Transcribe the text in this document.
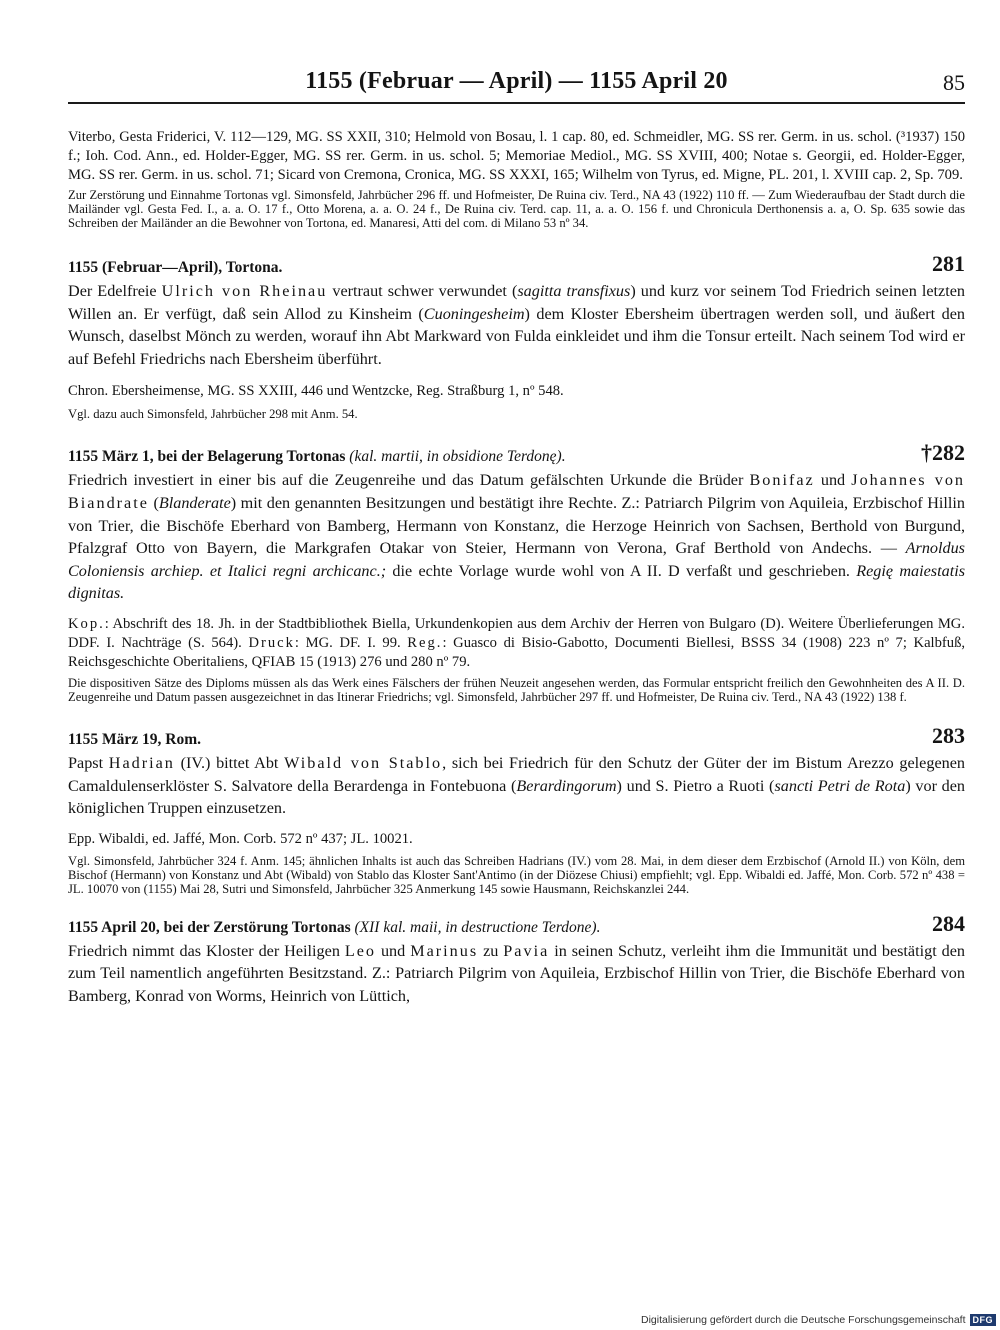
1155 (Februar — April) — 1155 April 20	85

Viterbo, Gesta Friderici, V. 112—129, MG. SS XXII, 310; Helmold von Bosau, l. 1 cap. 80, ed. Schmeidler, MG. SS rer. Germ. in us. schol. (³1937) 150 f.; Ioh. Cod. Ann., ed. Holder-Egger, MG. SS rer. Germ. in us. schol. 5; Memoriae Mediol., MG. SS XVIII, 400; Notae s. Georgii, ed. Holder-Egger, MG. SS rer. Germ. in us. schol. 71; Sicard von Cremona, Cronica, MG. SS XXXI, 165; Wilhelm von Tyrus, ed. Migne, PL. 201, l. XVIII cap. 2, Sp. 709.

Zur Zerstörung und Einnahme Tortonas vgl. Simonsfeld, Jahrbücher 296 ff. und Hofmeister, De Ruina civ. Terd., NA 43 (1922) 110 ff. — Zum Wiederaufbau der Stadt durch die Mailänder vgl. Gesta Fed. I., a. a. O. 17 f., Otto Morena, a. a. O. 24 f., De Ruina civ. Terd. cap. 11, a. a. O. 156 f. und Chronicula Derthonensis a. a, O. Sp. 635 sowie das Schreiben der Mailänder an die Bewohner von Tortona, ed. Manaresi, Atti del com. di Milano 53 nº 34.

1155 (Februar—April), Tortona.	281

Der Edelfreie Ulrich von Rheinau vertraut schwer verwundet (sagitta transfixus) und kurz vor seinem Tod Friedrich seinen letzten Willen an. Er verfügt, daß sein Allod zu Kinsheim (Cuoningesheim) dem Kloster Ebersheim übertragen werden soll, und äußert den Wunsch, daselbst Mönch zu werden, worauf ihn Abt Markward von Fulda einkleidet und ihm die Tonsur erteilt. Nach seinem Tod wird er auf Befehl Friedrichs nach Ebersheim überführt.

Chron. Ebersheimense, MG. SS XXIII, 446 und Wentzcke, Reg. Straßburg 1, nº 548.

Vgl. dazu auch Simonsfeld, Jahrbücher 298 mit Anm. 54.

1155 März 1, bei der Belagerung Tortonas (kal. martii, in obsidione Terdonę).	†282

Friedrich investiert in einer bis auf die Zeugenreihe und das Datum gefälschten Urkunde die Brüder Bonifaz und Johannes von Biandrate (Blanderate) mit den genannten Besitzungen und bestätigt ihre Rechte. Z.: Patriarch Pilgrim von Aquileia, Erzbischof Hillin von Trier, die Bischöfe Eberhard von Bamberg, Hermann von Konstanz, die Herzoge Heinrich von Sachsen, Berthold von Burgund, Pfalzgraf Otto von Bayern, die Markgrafen Otakar von Steier, Hermann von Verona, Graf Berthold von Andechs. — Arnoldus Coloniensis archiep. et Italici regni archicanc.; die echte Vorlage wurde wohl von A II. D verfaßt und geschrieben. Regię maiestatis dignitas.

Kop.: Abschrift des 18. Jh. in der Stadtbibliothek Biella, Urkundenkopien aus dem Archiv der Herren von Bulgaro (D). Weitere Überlieferungen MG. DDF. I. Nachträge (S. 564). Druck: MG. DF. I. 99. Reg.: Guasco di Bisio-Gabotto, Documenti Biellesi, BSSS 34 (1908) 223 nº 7; Kalbfuß, Reichsgeschichte Oberitaliens, QFIAB 15 (1913) 276 und 280 nº 79.

Die dispositiven Sätze des Diploms müssen als das Werk eines Fälschers der frühen Neuzeit angesehen werden, das Formular entspricht freilich den Gewohnheiten des A II. D. Zeugenreihe und Datum passen ausgezeichnet in das Itinerar Friedrichs; vgl. Simonsfeld, Jahrbücher 297 ff. und Hofmeister, De Ruina civ. Terd., NA 43 (1922) 138 f.

1155 März 19, Rom.	283

Papst Hadrian (IV.) bittet Abt Wibald von Stablo, sich bei Friedrich für den Schutz der Güter der im Bistum Arezzo gelegenen Camaldulenserklöster S. Salvatore della Berardenga in Fontebuona (Berardingorum) und S. Pietro a Ruoti (sancti Petri de Rota) vor den königlichen Truppen einzusetzen.

Epp. Wibaldi, ed. Jaffé, Mon. Corb. 572 nº 437; JL. 10021.

Vgl. Simonsfeld, Jahrbücher 324 f. Anm. 145; ähnlichen Inhalts ist auch das Schreiben Hadrians (IV.) vom 28. Mai, in dem dieser dem Erzbischof (Arnold II.) von Köln, dem Bischof (Hermann) von Konstanz und Abt (Wibald) von Stablo das Kloster Sant'Antimo (in der Diözese Chiusi) empfiehlt; vgl. Epp. Wibaldi ed. Jaffé, Mon. Corb. 572 nº 438 = JL. 10070 von (1155) Mai 28, Sutri und Simonsfeld, Jahrbücher 325 Anmerkung 145 sowie Hausmann, Reichskanzlei 244.

1155 April 20, bei der Zerstörung Tortonas (XII kal. maii, in destructione Terdone).	284

Friedrich nimmt das Kloster der Heiligen Leo und Marinus zu Pavia in seinen Schutz, verleiht ihm die Immunität und bestätigt den zum Teil namentlich angeführten Besitzstand. Z.: Patriarch Pilgrim von Aquileia, Erzbischof Hillin von Trier, die Bischöfe Eberhard von Bamberg, Konrad von Worms, Heinrich von Lüttich,

Digitalisierung gefördert durch die Deutsche Forschungsgemeinschaft DFG
